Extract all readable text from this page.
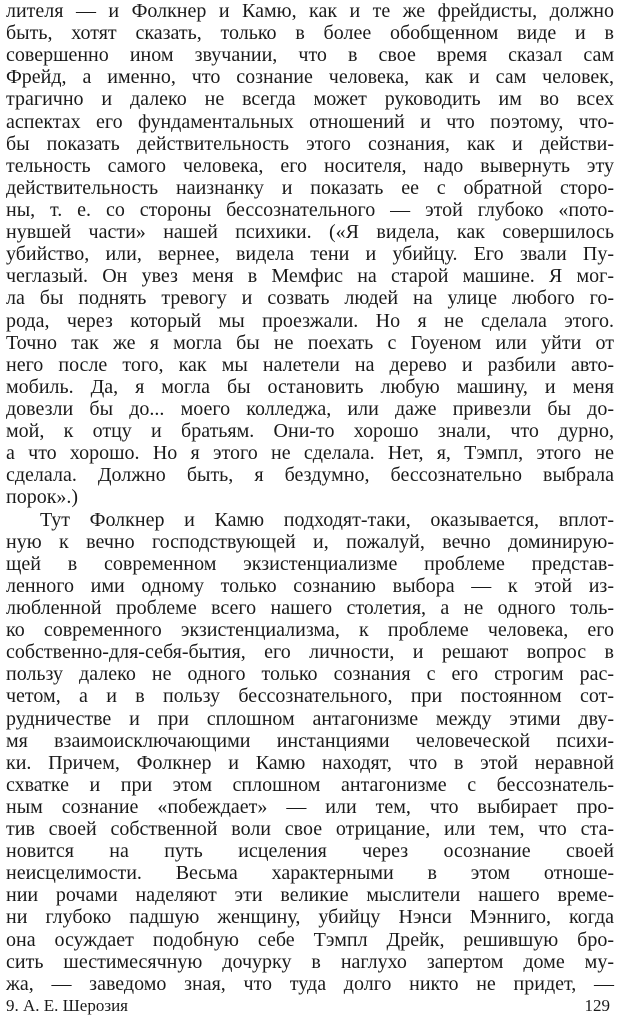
лителя — и Фолкнер и Камю, как и те же фрейдисты, должно
быть, хотят сказать, только в более обобщенном виде и в
совершенно ином звучании, что в свое время сказал сам
Фрейд, а именно, что сознание человека, как и сам человек,
трагично и далеко не всегда может руководить им во всех
аспектах его фундаментальных отношений и что поэтому, что-
бы показать действительность этого сознания, как и действи-
тельность самого человека, его носителя, надо вывернуть эту
действительность наизнанку и показать ее с обратной сторо-
ны, т. е. со стороны бессознательного — этой глубоко «пото-
нувшей части» нашей психики. («Я видела, как совершилось
убийство, или, вернее, видела тени и убийцу. Его звали Пу-
чеглазый. Он увез меня в Мемфис на старой машине. Я мог-
ла бы поднять тревогу и созвать людей на улице любого го-
рода, через который мы проезжали. Но я не сделала этого.
Точно так же я могла бы не поехать с Гоуеном или уйти от
него после того, как мы налетели на дерево и разбили авто-
мобиль. Да, я могла бы остановить любую машину, и меня
довезли бы до... моего колледжа, или даже привезли бы до-
мой, к отцу и братьям. Они-то хорошо знали, что дурно,
а что хорошо. Но я этого не сделала. Нет, я, Тэмпл, этого не
сделала. Должно быть, я бездумно, бессознательно выбрала
порок».)
Тут Фолкнер и Камю подходят-таки, оказывается, вплот-
ную к вечно господствующей и, пожалуй, вечно доминирую-
щей в современном экзистенциализме проблеме представ-
ленного ими одному только сознанию выбора — к этой из-
любленной проблеме всего нашего столетия, а не одного толь-
ко современного экзистенциализма, к проблеме человека, его
собственно-для-себя-бытия, его личности, и решают вопрос в
пользу далеко не одного только сознания с его строгим рас-
четом, а и в пользу бессознательного, при постоянном сот-
рудничестве и при сплошном антагонизме между этими дву-
мя взаимоисключающими инстанциями человеческой психи-
ки. Причем, Фолкнер и Камю находят, что в этой неравной
схватке и при этом сплошном антагонизме с бессознатель-
ным сознание «побеждает» — или тем, что выбирает про-
тив своей собственной воли свое отрицание, или тем, что ста-
новится на путь исцеления через осознание своей
неисцелимости. Весьма характерными в этом отноше-
нии рочами наделяют эти великие мыслители нашего време-
ни глубоко падшую женщину, убийцу Нэнси Мэнниго, когда
она осуждает подобную себе Тэмпл Дрейк, решившую бро-
сить шестимесячную дочурку в наглухо запертом доме му-
жа, — заведомо зная, что туда долго никто не придет, —
9. А. Е. Шерозия	129
